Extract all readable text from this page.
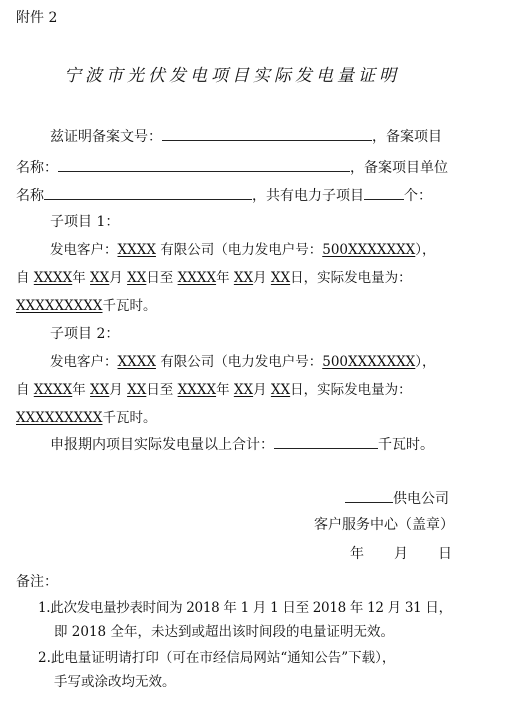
附件 2
宁波市光伏发电项目实际发电量证明
兹证明备案文号：	，备案项目
名称：	，备案项目单位
名称	，共有电力子项目	个：
子项目 1：
发电客户：XXXX 有限公司（电力发电户号：500XXXXXXX），
自 XXXX年 XX月 XX日至 XXXX年 XX月 XX日，实际发电量为：
XXXXXXXXX千瓦时。
子项目 2：
发电客户：XXXX 有限公司（电力发电户号：500XXXXXXX），
自 XXXX年 XX月 XX日至 XXXX年 XX月 XX日，实际发电量为：
XXXXXXXXX千瓦时。
申报期内项目实际发电量以上合计：	千瓦时。
供电公司
客户服务中心（盖章）
年 月 日
备注：
1.此次发电量抄表时间为 2018 年 1 月 1 日至 2018 年 12 月 31 日，
即 2018 全年，未达到或超出该时间段的电量证明无效。
2.此电量证明请打印（可在市经信局网站“通知公告”下载），
手写或涂改均无效。
